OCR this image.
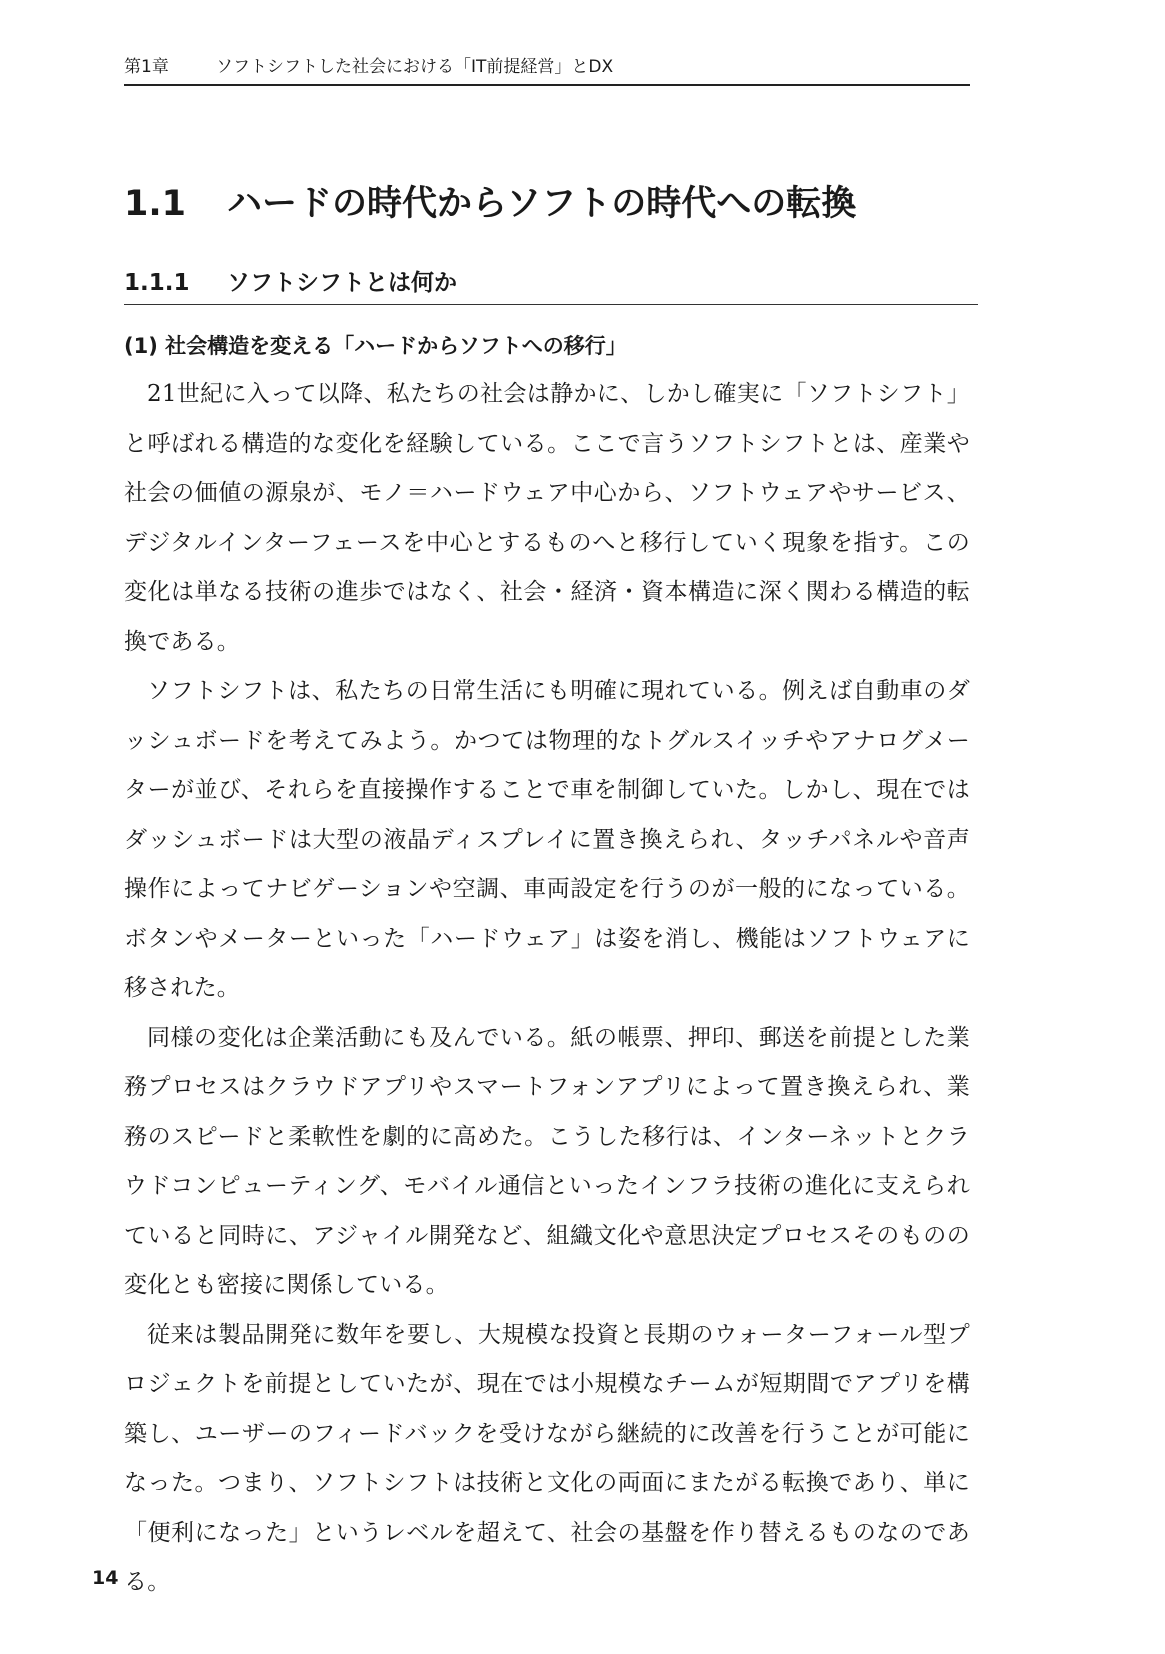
第1章	ソフトシフトした社会における「IT前提経営」とDX
1.1 ハードの時代からソフトの時代への転換
1.1.1 ソフトシフトとは何か
(1) 社会構造を変える「ハードからソフトへの移行」

21世紀に入って以降、私たちの社会は静かに、しかし確実に「ソフトシフト」と呼ばれる構造的な変化を経験している。ここで言うソフトシフトとは、産業や社会の価値の源泉が、モノ＝ハードウェア中心から、ソフトウェアやサービス、デジタルインターフェースを中心とするものへと移行していく現象を指す。この変化は単なる技術の進歩ではなく、社会・経済・資本構造に深く関わる構造的転換である。

ソフトシフトは、私たちの日常生活にも明確に現れている。例えば自動車のダッシュボードを考えてみよう。かつては物理的なトグルスイッチやアナログメーターが並び、それらを直接操作することで車を制御していた。しかし、現在ではダッシュボードは大型の液晶ディスプレイに置き換えられ、タッチパネルや音声操作によってナビゲーションや空調、車両設定を行うのが一般的になっている。ボタンやメーターといった「ハードウェア」は姿を消し、機能はソフトウェアに移された。

同様の変化は企業活動にも及んでいる。紙の帳票、押印、郵送を前提とした業務プロセスはクラウドアプリやスマートフォンアプリによって置き換えられ、業務のスピードと柔軟性を劇的に高めた。こうした移行は、インターネットとクラウドコンピューティング、モバイル通信といったインフラ技術の進化に支えられていると同時に、アジャイル開発など、組織文化や意思決定プロセスそのものの変化とも密接に関係している。

従来は製品開発に数年を要し、大規模な投資と長期のウォーターフォール型プロジェクトを前提としていたが、現在では小規模なチームが短期間でアプリを構築し、ユーザーのフィードバックを受けながら継続的に改善を行うことが可能になった。つまり、ソフトシフトは技術と文化の両面にまたがる転換であり、単に「便利になった」というレベルを超えて、社会の基盤を作り替えるものなのである。

14
